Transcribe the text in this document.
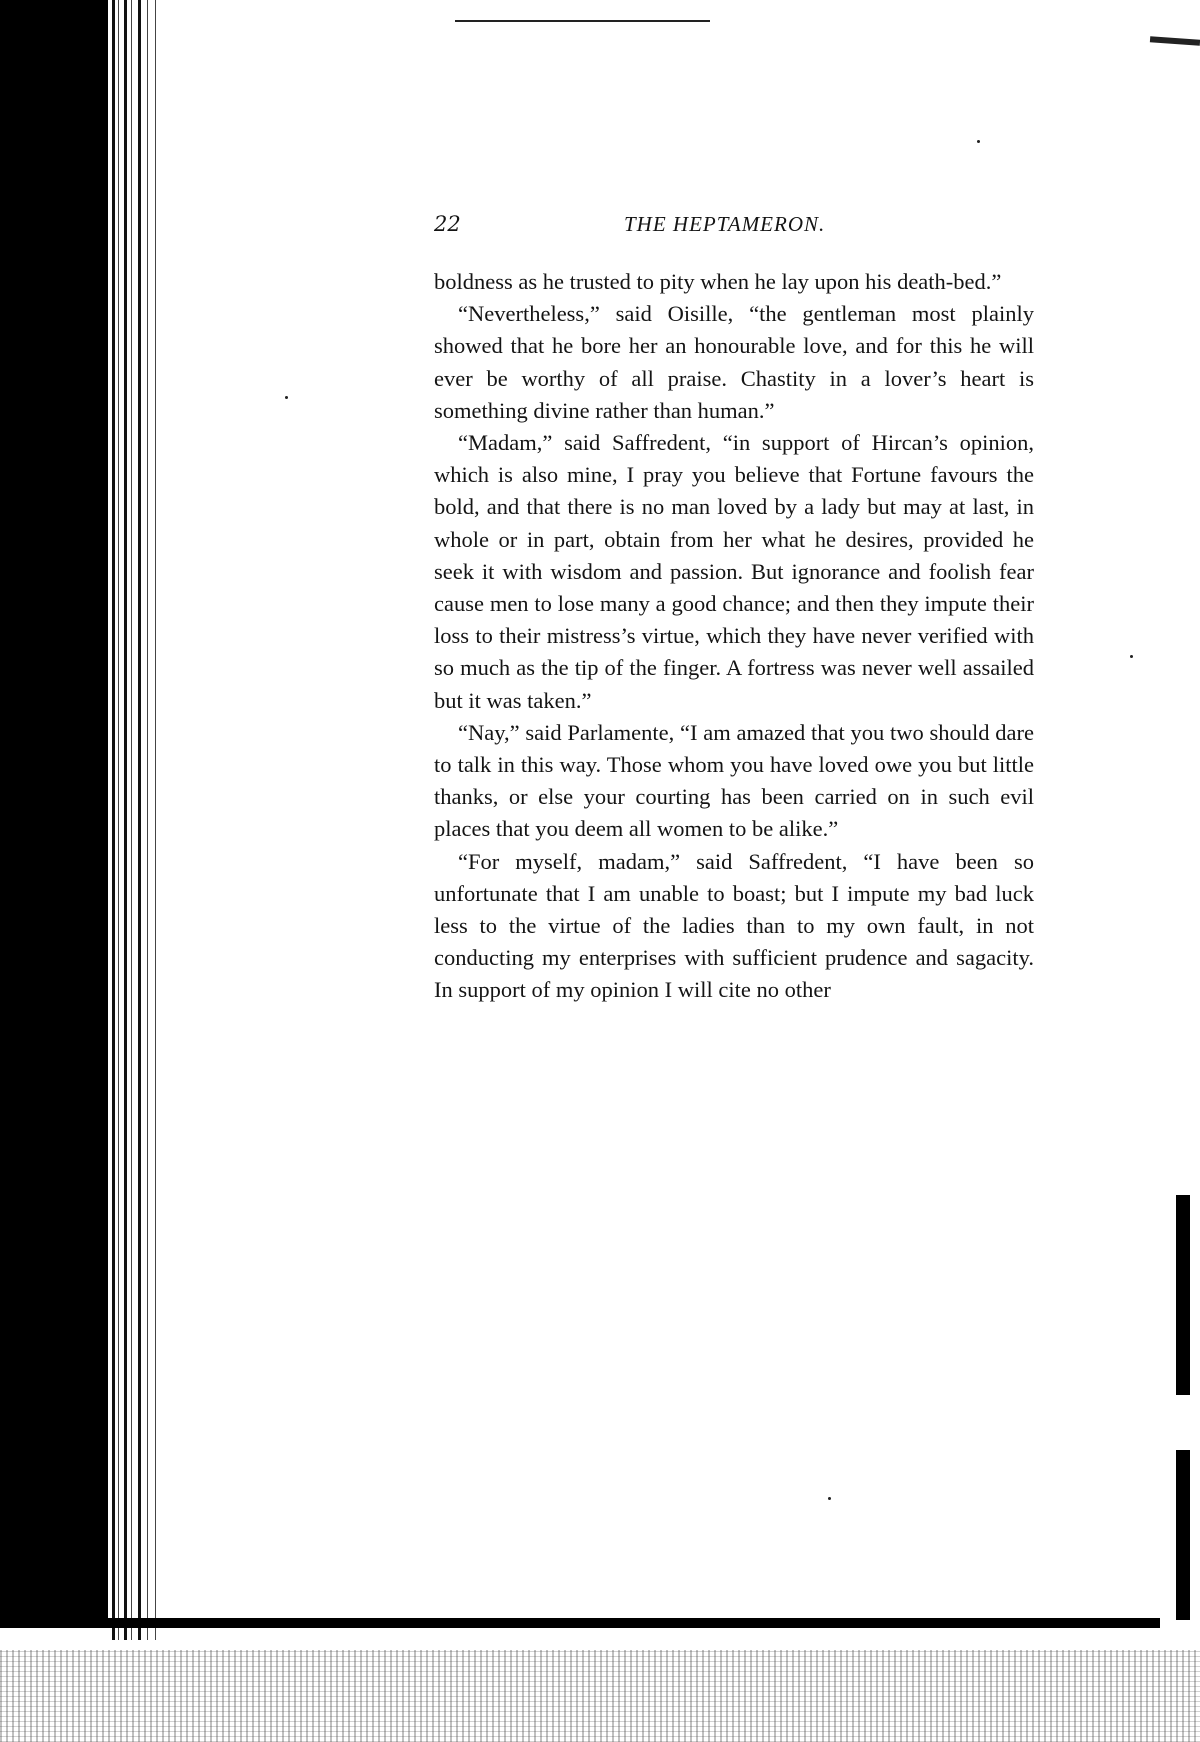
22	THE HEPTAMERON.

boldness as he trusted to pity when he lay upon his death-bed.”

“Nevertheless,” said Oisille, “the gentleman most plainly showed that he bore her an honourable love, and for this he will ever be worthy of all praise. Chastity in a lover’s heart is something divine rather than human.”

“Madam,” said Saffredent, “in support of Hircan’s opinion, which is also mine, I pray you believe that Fortune favours the bold, and that there is no man loved by a lady but may at last, in whole or in part, obtain from her what he desires, provided he seek it with wisdom and passion. But ignorance and foolish fear cause men to lose many a good chance; and then they impute their loss to their mistress’s virtue, which they have never verified with so much as the tip of the finger. A fortress was never well assailed but it was taken.”

“Nay,” said Parlamente, “I am amazed that you two should dare to talk in this way. Those whom you have loved owe you but little thanks, or else your courting has been carried on in such evil places that you deem all women to be alike.”

“For myself, madam,” said Saffredent, “I have been so unfortunate that I am unable to boast; but I impute my bad luck less to the virtue of the ladies than to my own fault, in not conducting my enterprises with sufficient prudence and sagacity. In support of my opinion I will cite no other
